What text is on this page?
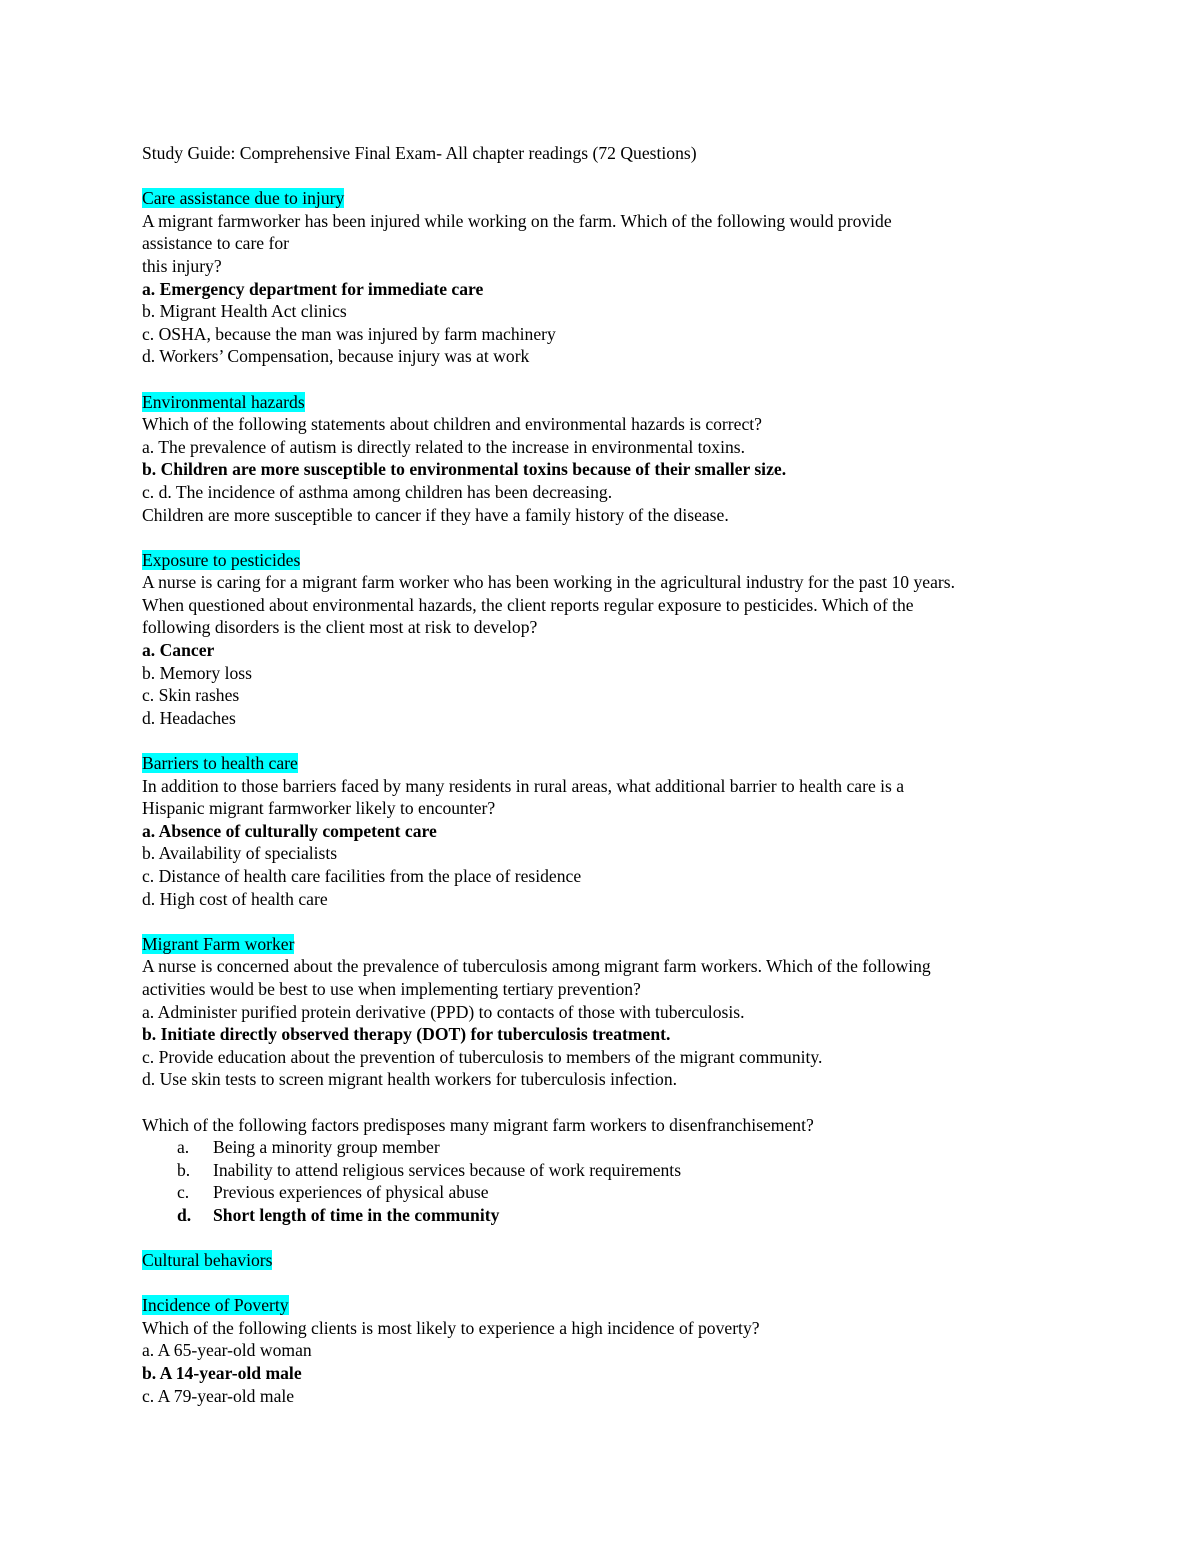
Study Guide: Comprehensive Final Exam- All chapter readings (72 Questions)
Care assistance due to injury
A migrant farmworker has been injured while working on the farm. Which of the following would provide
assistance to care for
this injury?
a. Emergency department for immediate care
b. Migrant Health Act clinics
c. OSHA, because the man was injured by farm machinery
d. Workers’ Compensation, because injury was at work
Environmental hazards
Which of the following statements about children and environmental hazards is correct?
a. The prevalence of autism is directly related to the increase in environmental toxins.
b. Children are more susceptible to environmental toxins because of their smaller size.
c. d. The incidence of asthma among children has been decreasing.
Children are more susceptible to cancer if they have a family history of the disease.
Exposure to pesticides
A nurse is caring for a migrant farm worker who has been working in the agricultural industry for the past 10 years.
When questioned about environmental hazards, the client reports regular exposure to pesticides. Which of the
following disorders is the client most at risk to develop?
a. Cancer
b. Memory loss
c. Skin rashes
d. Headaches
Barriers to health care
In addition to those barriers faced by many residents in rural areas, what additional barrier to health care is a
Hispanic migrant farmworker likely to encounter?
a. Absence of culturally competent care
b. Availability of specialists
c. Distance of health care facilities from the place of residence
d. High cost of health care
Migrant Farm worker
A nurse is concerned about the prevalence of tuberculosis among migrant farm workers. Which of the following
activities would be best to use when implementing tertiary prevention?
a. Administer purified protein derivative (PPD) to contacts of those with tuberculosis.
b. Initiate directly observed therapy (DOT) for tuberculosis treatment.
c. Provide education about the prevention of tuberculosis to members of the migrant community.
d. Use skin tests to screen migrant health workers for tuberculosis infection.
Which of the following factors predisposes many migrant farm workers to disenfranchisement?
a.	Being a minority group member
b.	Inability to attend religious services because of work requirements
c.	Previous experiences of physical abuse
d.	Short length of time in the community
Cultural behaviors
Incidence of Poverty
Which of the following clients is most likely to experience a high incidence of poverty?
a. A 65-year-old woman
b. A 14-year-old male
c. A 79-year-old male
